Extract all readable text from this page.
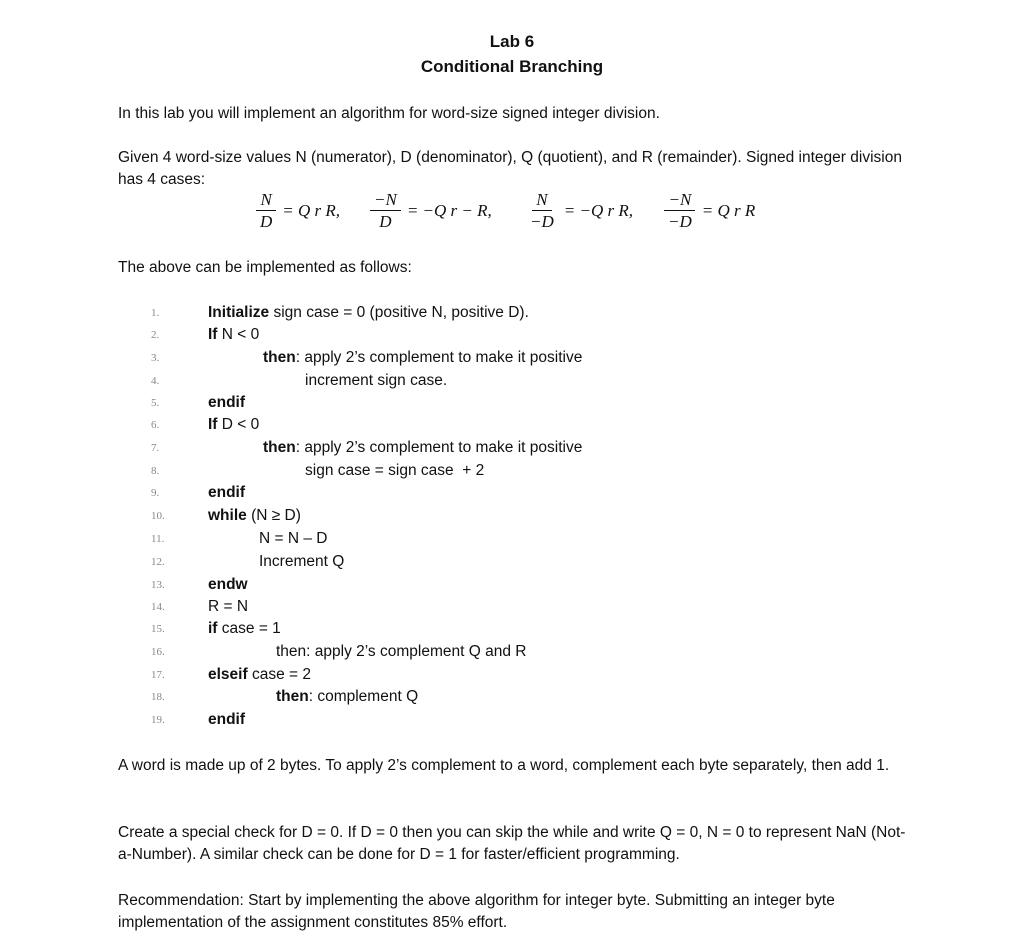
Lab 6
Conditional Branching
In this lab you will implement an algorithm for word-size signed integer division.
Given 4 word-size values N (numerator), D (denominator), Q (quotient), and R (remainder). Signed integer division has 4 cases:
$\frac{N}{D} = Q$ r R, $\frac{-N}{D} = -Q$ r − R, $\frac{N}{-D} = -Q$ r R, $\frac{-N}{-D} = Q$ r R
The above can be implemented as follows:
1.	Initialize sign case = 0 (positive N, positive D).
2.	If N < 0
3.	then: apply 2’s complement to make it positive
4.	increment sign case.
5.	endif
6.	If D < 0
7.	then: apply 2’s complement to make it positive
8.	sign case = sign case  + 2
9.	endif
10.	while (N ≥ D)
11.	N = N – D
12.	Increment Q
13.	endw
14.	R = N
15.	if case = 1
16.	then: apply 2’s complement Q and R
17.	elseif case = 2
18.	then: complement Q
19.	endif
A word is made up of 2 bytes. To apply 2’s complement to a word, complement each byte separately, then add 1.
Create a special check for D = 0. If D = 0 then you can skip the while and write Q = 0, N = 0 to represent NaN (Not-a-Number). A similar check can be done for D = 1 for faster/efficient programming.
Recommendation: Start by implementing the above algorithm for integer byte. Submitting an integer byte implementation of the assignment constitutes 85% effort.
